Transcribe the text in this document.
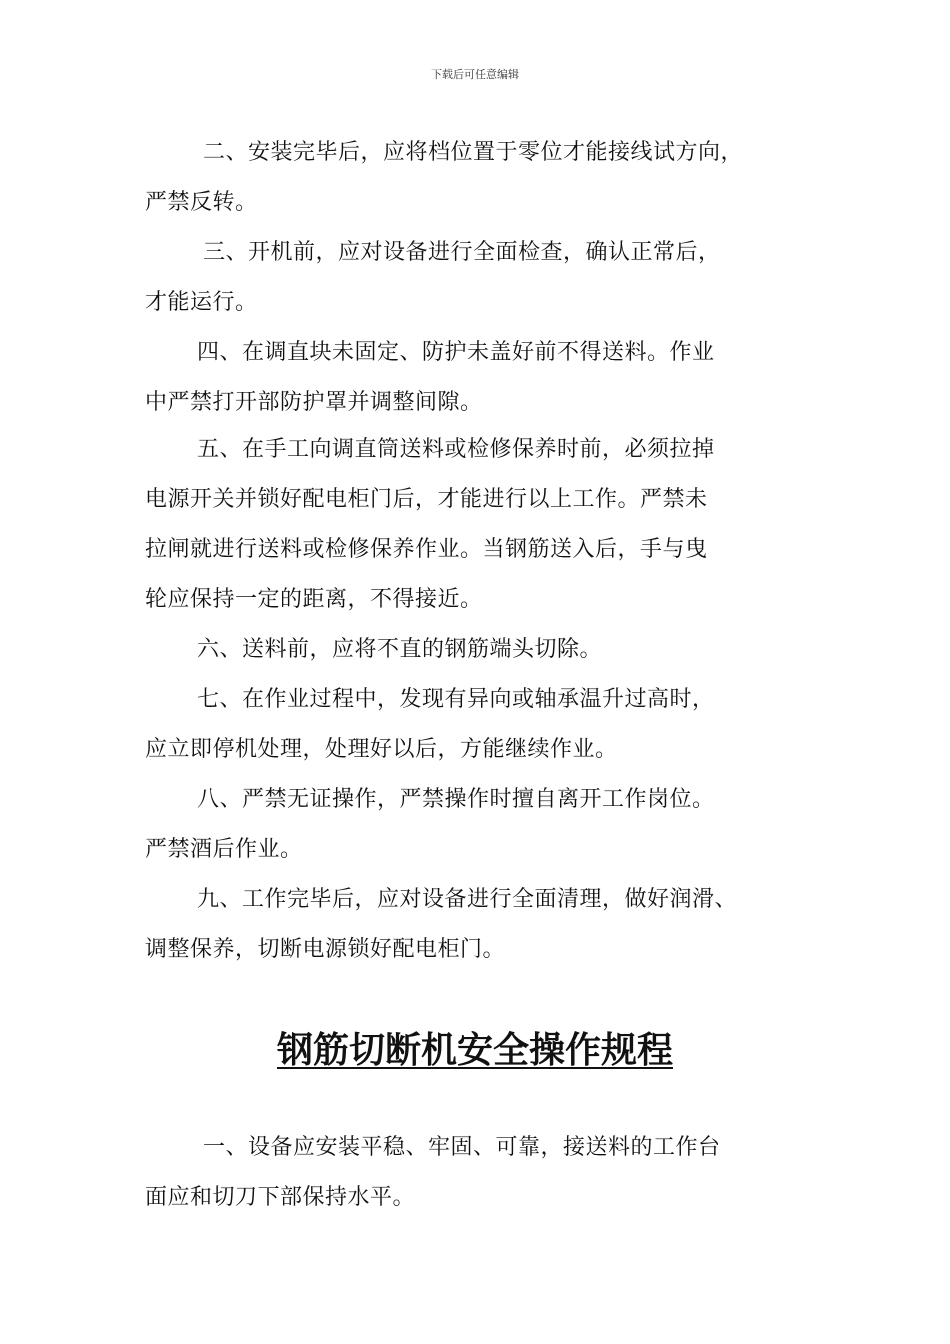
下载后可任意编辑
二、安装完毕后，应将档位置于零位才能接线试方向，
严禁反转。
三、开机前，应对设备进行全面检查，确认正常后，
才能运行。
四、在调直块未固定、防护未盖好前不得送料。作业
中严禁打开部防护罩并调整间隙。
五、在手工向调直筒送料或检修保养时前，必须拉掉
电源开关并锁好配电柜门后，才能进行以上工作。严禁未
拉闸就进行送料或检修保养作业。当钢筋送入后，手与曳
轮应保持一定的距离，不得接近。
六、送料前，应将不直的钢筋端头切除。
七、在作业过程中，发现有异向或轴承温升过高时，
应立即停机处理，处理好以后，方能继续作业。
八、严禁无证操作，严禁操作时擅自离开工作岗位。
严禁酒后作业。
九、工作完毕后，应对设备进行全面清理，做好润滑、
调整保养，切断电源锁好配电柜门。
钢筋切断机安全操作规程
一、设备应安装平稳、牢固、可靠，接送料的工作台
面应和切刀下部保持水平。
